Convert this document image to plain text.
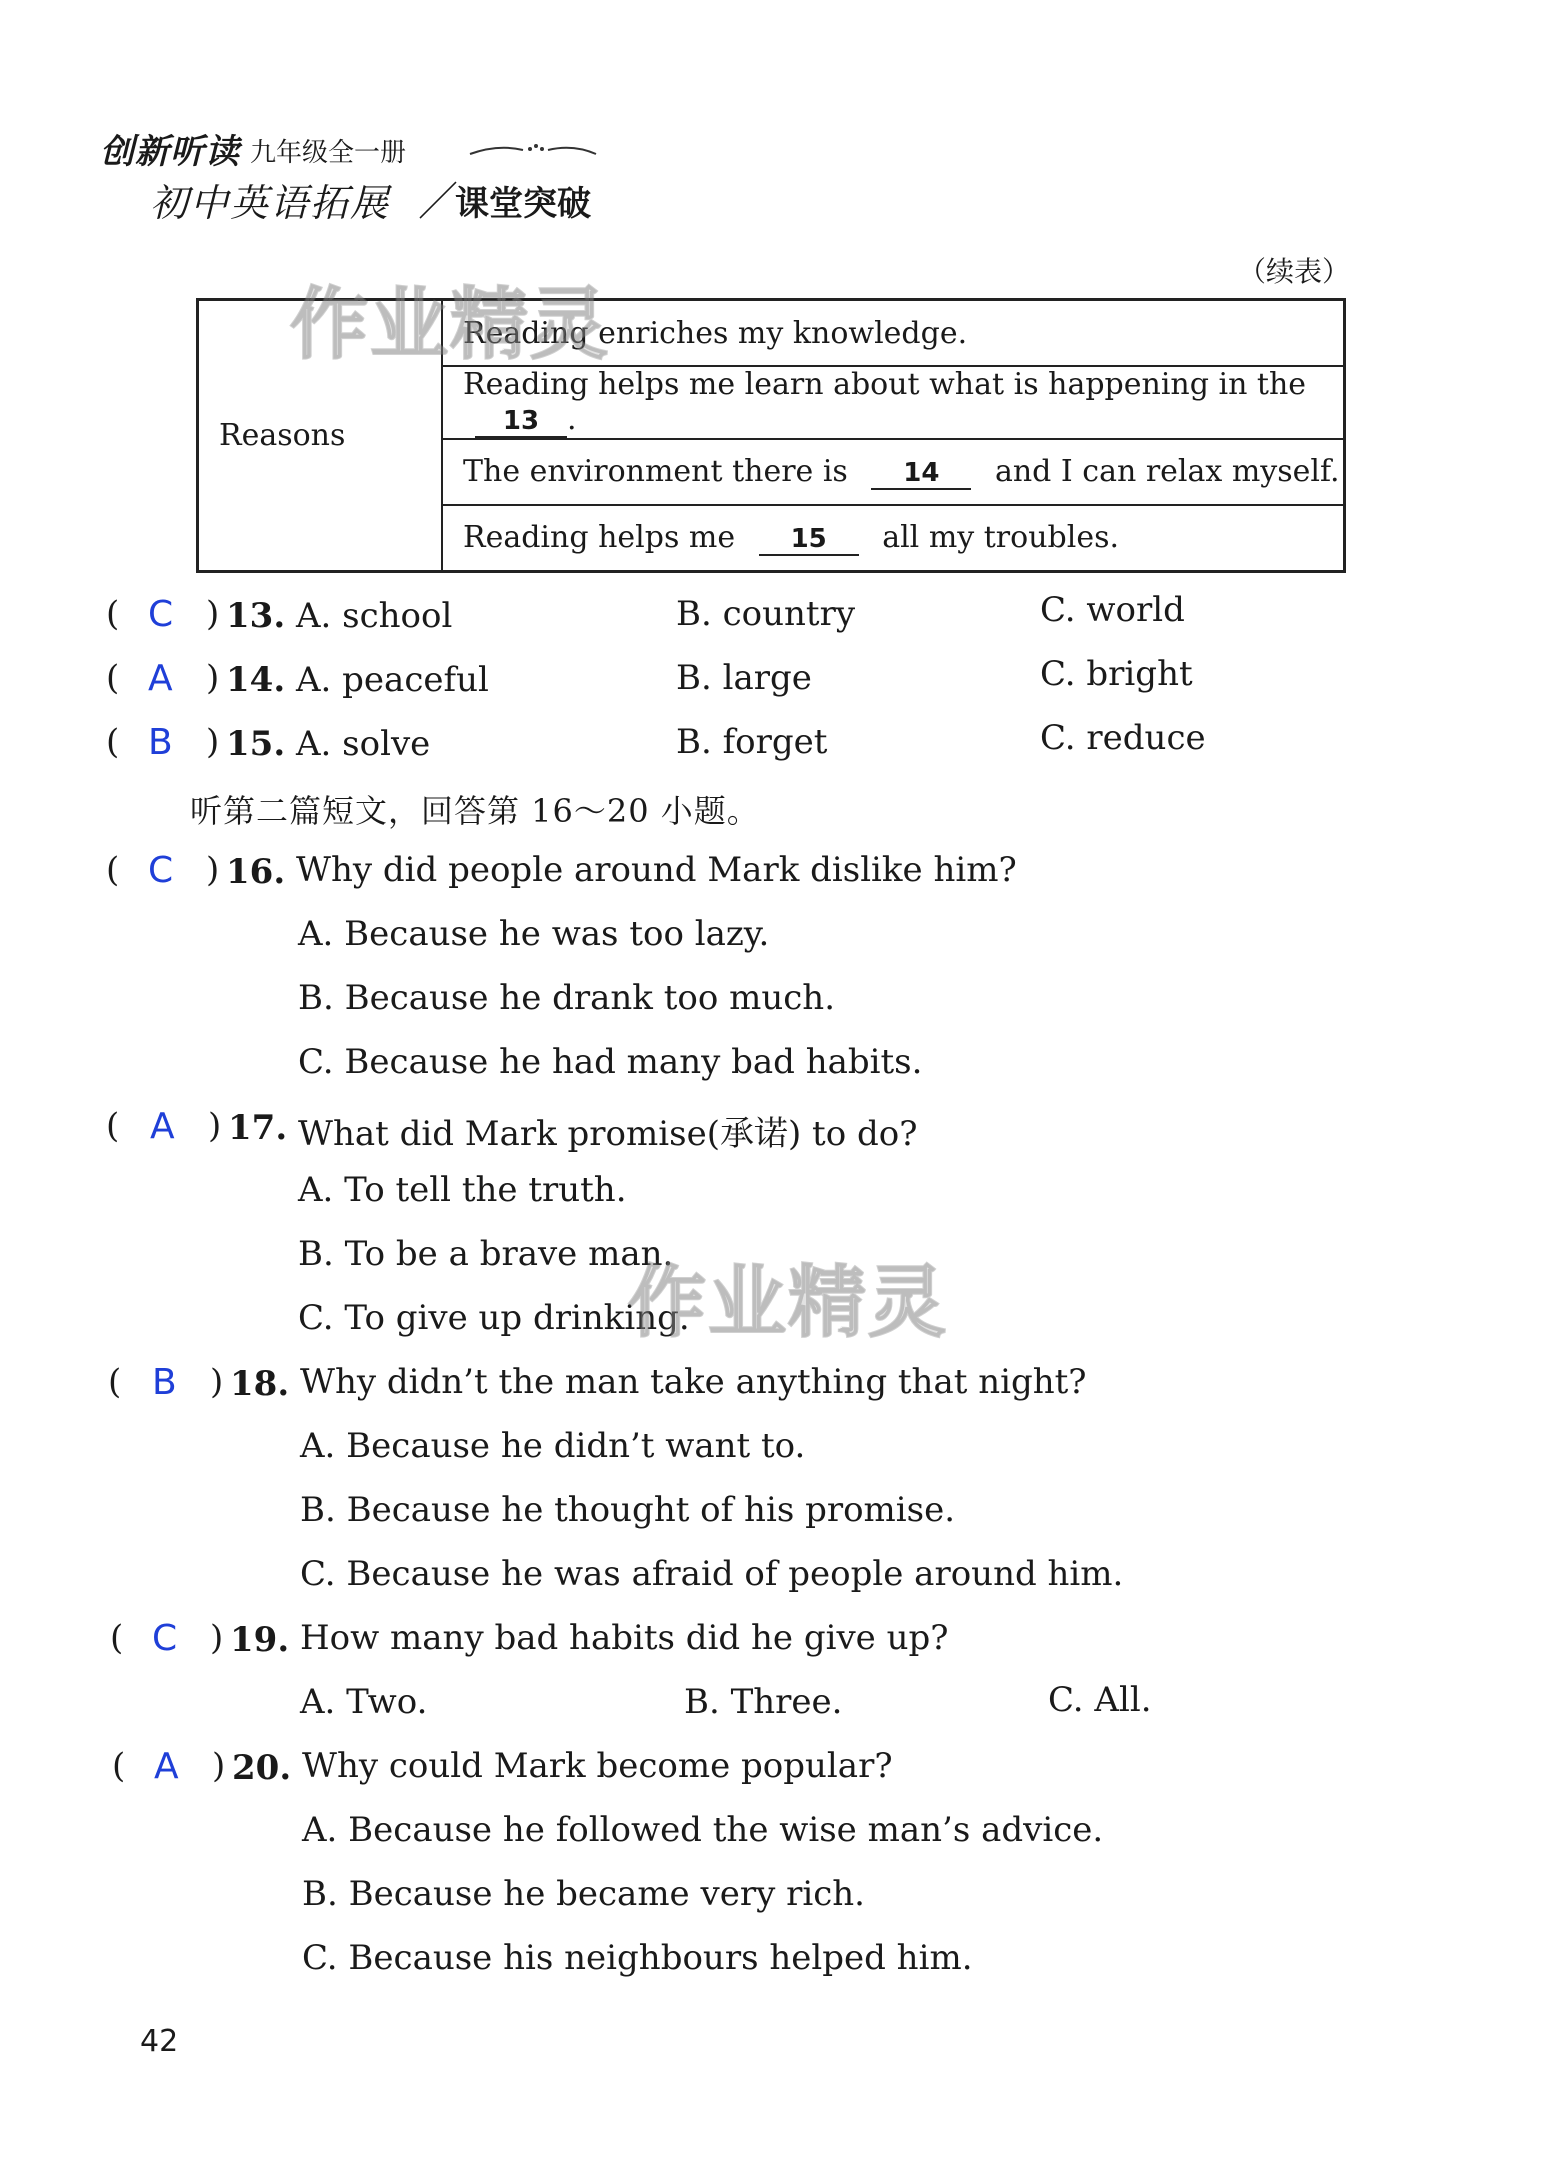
创新听读 九年级全一册
初中英语拓展 ／
课堂突破
（续表）
Reasons	Reading enriches my knowledge.
Reading helps me learn about what is happening in the 13 .
The environment there is 14 and I can relax myself.
Reading helps me 15 all my troubles.
( C ) 13. A. school	B. country	C. world
( A ) 14. A. peaceful	B. large	C. bright
( B ) 15. A. solve	B. forget	C. reduce
听第二篇短文，回答第 16～20 小题。
( C ) 16. Why did people around Mark dislike him?
A. Because he was too lazy.
B. Because he drank too much.
C. Because he had many bad habits.
( A ) 17. What did Mark promise(承诺) to do?
A. To tell the truth.
B. To be a brave man.
C. To give up drinking.
( B ) 18. Why didn’t the man take anything that night?
A. Because he didn’t want to.
B. Because he thought of his promise.
C. Because he was afraid of people around him.
( C ) 19. How many bad habits did he give up?
A. Two.	B. Three.	C. All.
( A ) 20. Why could Mark become popular?
A. Because he followed the wise man’s advice.
B. Because he became very rich.
C. Because his neighbours helped him.
42
作业精灵
作业精灵
